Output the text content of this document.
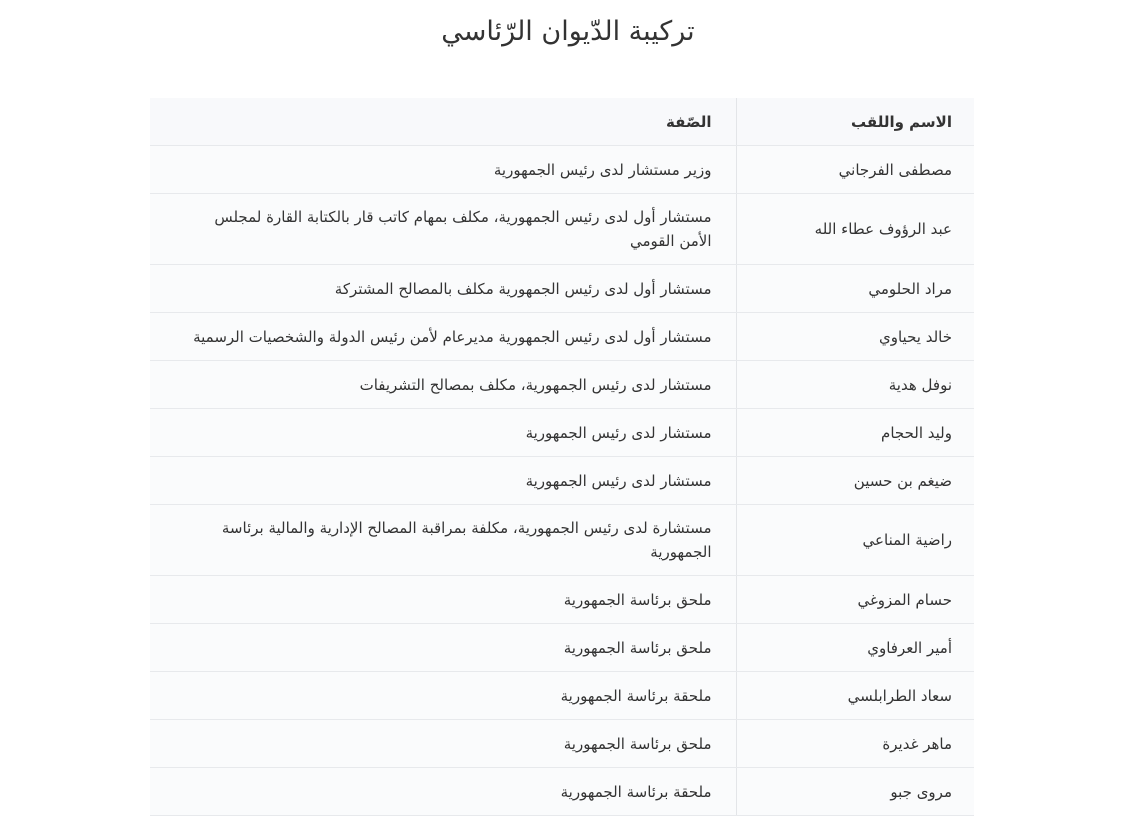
تركيبة الدّيوان الرّئاسي
الاسم واللقب	الصّفة
مصطفى الفرجاني	وزير مستشار لدى رئيس الجمهورية
عبد الرؤوف عطاء الله	مستشار أول لدى رئيس الجمهورية، مكلف بمهام كاتب قار بالكتابة القارة لمجلس الأمن القومي
مراد الحلومي	مستشار أول لدى رئيس الجمهورية مكلف بالمصالح المشتركة
خالد يحياوي	مستشار أول لدى رئيس الجمهورية مديرعام لأمن رئيس الدولة والشخصيات الرسمية
نوفل هدية	مستشار لدى رئيس الجمهورية، مكلف بمصالح التشريفات
وليد الحجام	مستشار لدى رئيس الجمهورية
ضيغم بن حسين	مستشار لدى رئيس الجمهورية
راضية المناعي	مستشارة لدى رئيس الجمهورية، مكلفة بمراقبة المصالح الإدارية والمالية برئاسة الجمهورية
حسام المزوغي	ملحق برئاسة الجمهورية
أمير العرفاوي	ملحق برئاسة الجمهورية
سعاد الطرابلسي	ملحقة برئاسة الجمهورية
ماهر غديرة	ملحق برئاسة الجمهورية
مروى جبو	ملحقة برئاسة الجمهورية
